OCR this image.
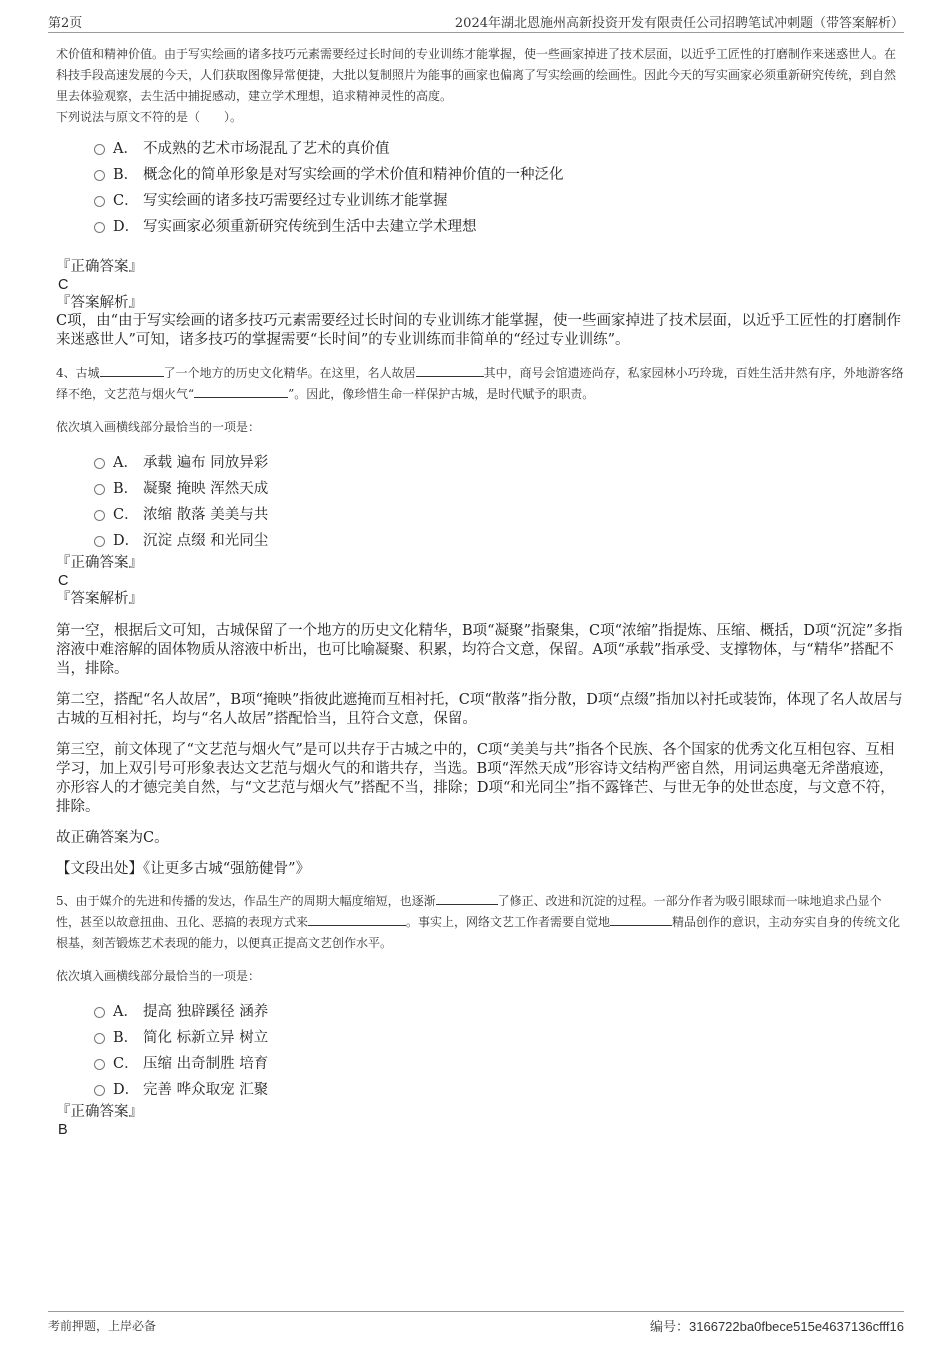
第2页	2024年湖北恩施州高新投资开发有限责任公司招聘笔试冲刺题（带答案解析）

术价值和精神价值。由于写实绘画的诸多技巧元素需要经过长时间的专业训练才能掌握，使一些画家掉进了技术层面，以近乎工匠性的打磨制作来迷惑世人。在科技手段高速发展的今天，人们获取图像异常便捷，大批以复制照片为能事的画家也偏离了写实绘画的绘画性。因此今天的写实画家必须重新研究传统，到自然里去体验观察，去生活中捕捉感动，建立学术理想，追求精神灵性的高度。

下列说法与原文不符的是（　　）。

A． 不成熟的艺术市场混乱了艺术的真价值
B． 概念化的简单形象是对写实绘画的学术价值和精神价值的一种泛化
C． 写实绘画的诸多技巧需要经过专业训练才能掌握
D． 写实画家必须重新研究传统到生活中去建立学术理想

『正确答案』

C

『答案解析』

C项，由“由于写实绘画的诸多技巧元素需要经过长时间的专业训练才能掌握，使一些画家掉进了技术层面，以近乎工匠性的打磨制作来迷惑世人”可知，诸多技巧的掌握需要“长时间”的专业训练而非简单的“经过专业训练”。

4、古城	了一个地方的历史文化精华。在这里，名人故居	其中，商号会馆遗迹尚存，私家园林小巧玲珑，百姓生活井然有序，外地游客络绎不绝，文艺范与烟火气“	”。因此，像珍惜生命一样保护古城，是时代赋予的职责。

依次填入画横线部分最恰当的一项是：

A． 承载 遍布 同放异彩
B． 凝聚 掩映 浑然天成
C． 浓缩 散落 美美与共
D． 沉淀 点缀 和光同尘

『正确答案』

C

『答案解析』

第一空，根据后文可知，古城保留了一个地方的历史文化精华，B项“凝聚”指聚集，C项“浓缩”指提炼、压缩、概括，D项“沉淀”多指溶液中难溶解的固体物质从溶液中析出，也可比喻凝聚、积累，均符合文意，保留。A项“承载”指承受、支撑物体，与“精华”搭配不当，排除。

第二空，搭配“名人故居”，B项“掩映”指彼此遮掩而互相衬托，C项“散落”指分散，D项“点缀”指加以衬托或装饰，体现了名人故居与古城的互相衬托，均与“名人故居”搭配恰当，且符合文意，保留。

第三空，前文体现了“文艺范与烟火气”是可以共存于古城之中的，C项“美美与共”指各个民族、各个国家的优秀文化互相包容、互相学习，加上双引号可形象表达文艺范与烟火气的和谐共存，当选。B项“浑然天成”形容诗文结构严密自然，用词运典毫无斧凿痕迹，亦形容人的才德完美自然，与“文艺范与烟火气”搭配不当，排除；D项“和光同尘”指不露锋芒、与世无争的处世态度，与文意不符，排除。

故正确答案为C。

【文段出处】《让更多古城“强筋健骨”》

5、由于媒介的先进和传播的发达，作品生产的周期大幅度缩短，也逐渐	了修正、改进和沉淀的过程。一部分作者为吸引眼球而一味地追求凸显个性，甚至以故意扭曲、丑化、恶搞的表现方式来	。事实上，网络文艺工作者需要自觉地	精品创作的意识，主动夯实自身的传统文化根基，刻苦锻炼艺术表现的能力，以便真正提高文艺创作水平。

依次填入画横线部分最恰当的一项是：

A． 提高 独辟蹊径 涵养
B． 简化 标新立异 树立
C． 压缩 出奇制胜 培育
D． 完善 哗众取宠 汇聚

『正确答案』

B

考前押题，上岸必备	编号：3166722ba0fbece515e4637136cfff16
